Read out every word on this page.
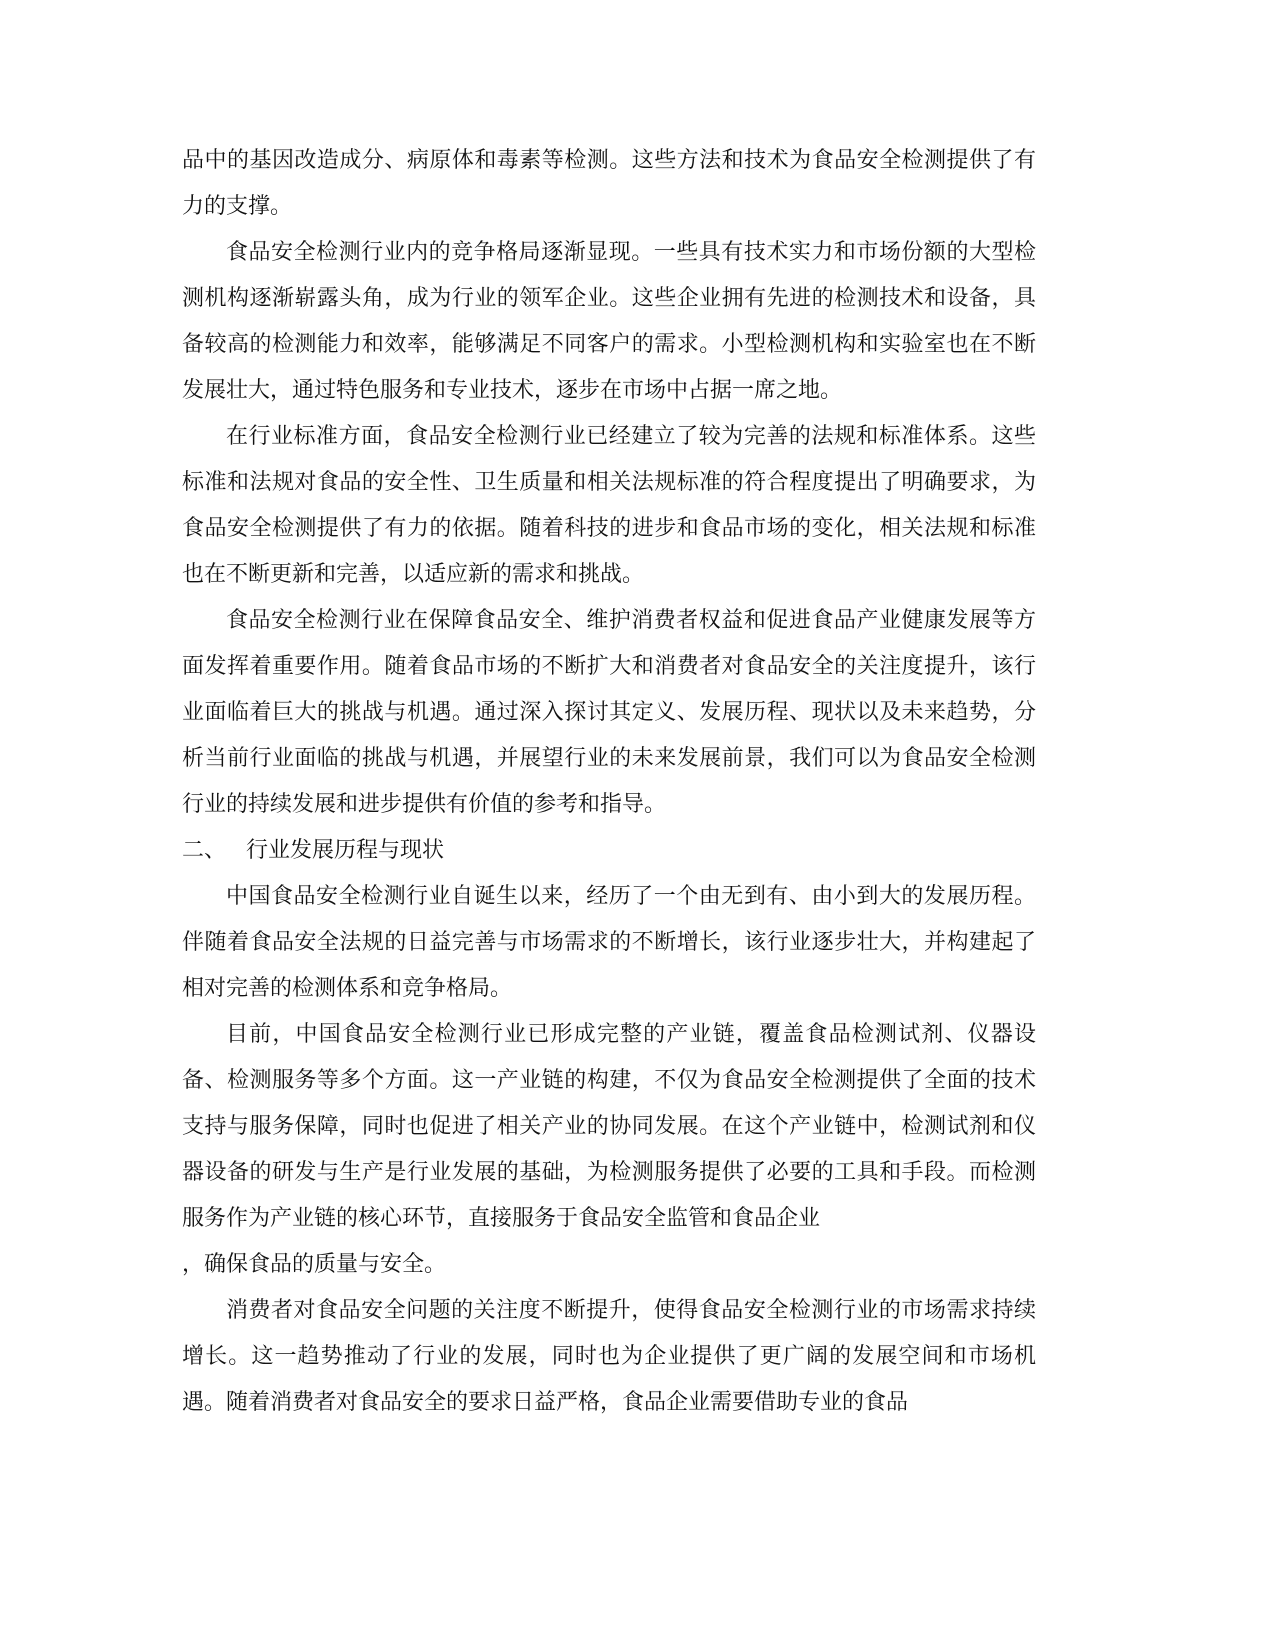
品中的基因改造成分、病原体和毒素等检测。这些方法和技术为食品安全检测提供了有力的支撑。

食品安全检测行业内的竞争格局逐渐显现。一些具有技术实力和市场份额的大型检测机构逐渐崭露头角，成为行业的领军企业。这些企业拥有先进的检测技术和设备，具备较高的检测能力和效率，能够满足不同客户的需求。小型检测机构和实验室也在不断发展壮大，通过特色服务和专业技术，逐步在市场中占据一席之地。

在行业标准方面，食品安全检测行业已经建立了较为完善的法规和标准体系。这些标准和法规对食品的安全性、卫生质量和相关法规标准的符合程度提出了明确要求，为食品安全检测提供了有力的依据。随着科技的进步和食品市场的变化，相关法规和标准也在不断更新和完善，以适应新的需求和挑战。

食品安全检测行业在保障食品安全、维护消费者权益和促进食品产业健康发展等方面发挥着重要作用。随着食品市场的不断扩大和消费者对食品安全的关注度提升，该行业面临着巨大的挑战与机遇。通过深入探讨其定义、发展历程、现状以及未来趋势，分析当前行业面临的挑战与机遇，并展望行业的未来发展前景，我们可以为食品安全检测行业的持续发展和进步提供有价值的参考和指导。

二、 行业发展历程与现状

中国食品安全检测行业自诞生以来，经历了一个由无到有、由小到大的发展历程。伴随着食品安全法规的日益完善与市场需求的不断增长，该行业逐步壮大，并构建起了相对完善的检测体系和竞争格局。

目前，中国食品安全检测行业已形成完整的产业链，覆盖食品检测试剂、仪器设备、检测服务等多个方面。这一产业链的构建，不仅为食品安全检测提供了全面的技术支持与服务保障，同时也促进了相关产业的协同发展。在这个产业链中，检测试剂和仪器设备的研发与生产是行业发展的基础，为检测服务提供了必要的工具和手段。而检测服务作为产业链的核心环节，直接服务于食品安全监管和食品企业

，确保食品的质量与安全。

消费者对食品安全问题的关注度不断提升，使得食品安全检测行业的市场需求持续增长。这一趋势推动了行业的发展，同时也为企业提供了更广阔的发展空间和市场机遇。随着消费者对食品安全的要求日益严格，食品企业需要借助专业的食品
